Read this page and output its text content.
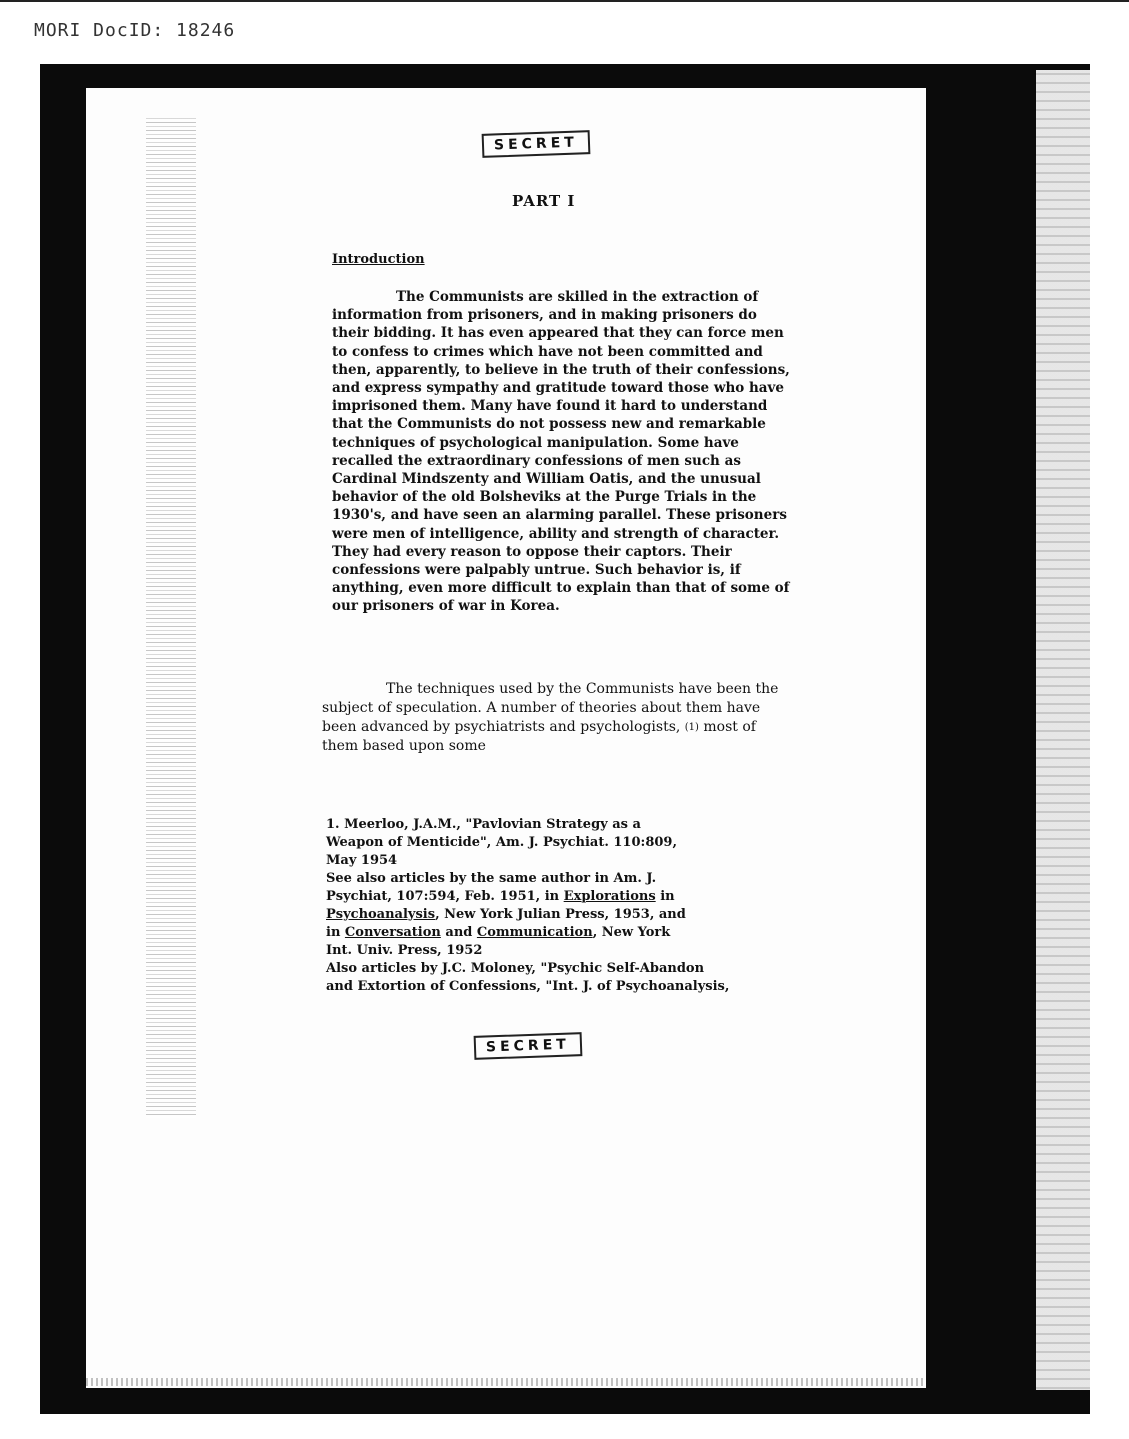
MORI DocID: 18246
SECRET
PART I
Introduction
The Communists are skilled in the extraction of information from prisoners, and in making prisoners do their bidding. It has even appeared that they can force men to confess to crimes which have not been committed and then, apparently, to believe in the truth of their confessions, and express sympathy and gratitude toward those who have imprisoned them. Many have found it hard to understand that the Communists do not possess new and remarkable techniques of psychological manipulation. Some have recalled the extraordinary confessions of men such as Cardinal Mindszenty and William Oatis, and the unusual behavior of the old Bolsheviks at the Purge Trials in the 1930's, and have seen an alarming parallel. These prisoners were men of intelligence, ability and strength of character. They had every reason to oppose their captors. Their confessions were palpably untrue. Such behavior is, if anything, even more difficult to explain than that of some of our prisoners of war in Korea.
The techniques used by the Communists have been the subject of speculation. A number of theories about them have been advanced by psychiatrists and psychologists, $^{(1)}$ most of them based upon some
1. Meerloo, J.A.M., "Pavlovian Strategy as a
Weapon of Menticide", Am. J. Psychiat. 110:809,
May 1954
See also articles by the same author in Am. J.
Psychiat, 107:594, Feb. 1951, in Explorations in
Psychoanalysis, New York Julian Press, 1953, and
in Conversation and Communication, New York
Int. Univ. Press, 1952
Also articles by J.C. Moloney, "Psychic Self-Abandon
and Extortion of Confessions, "Int. J. of Psychoanalysis,
SECRET
